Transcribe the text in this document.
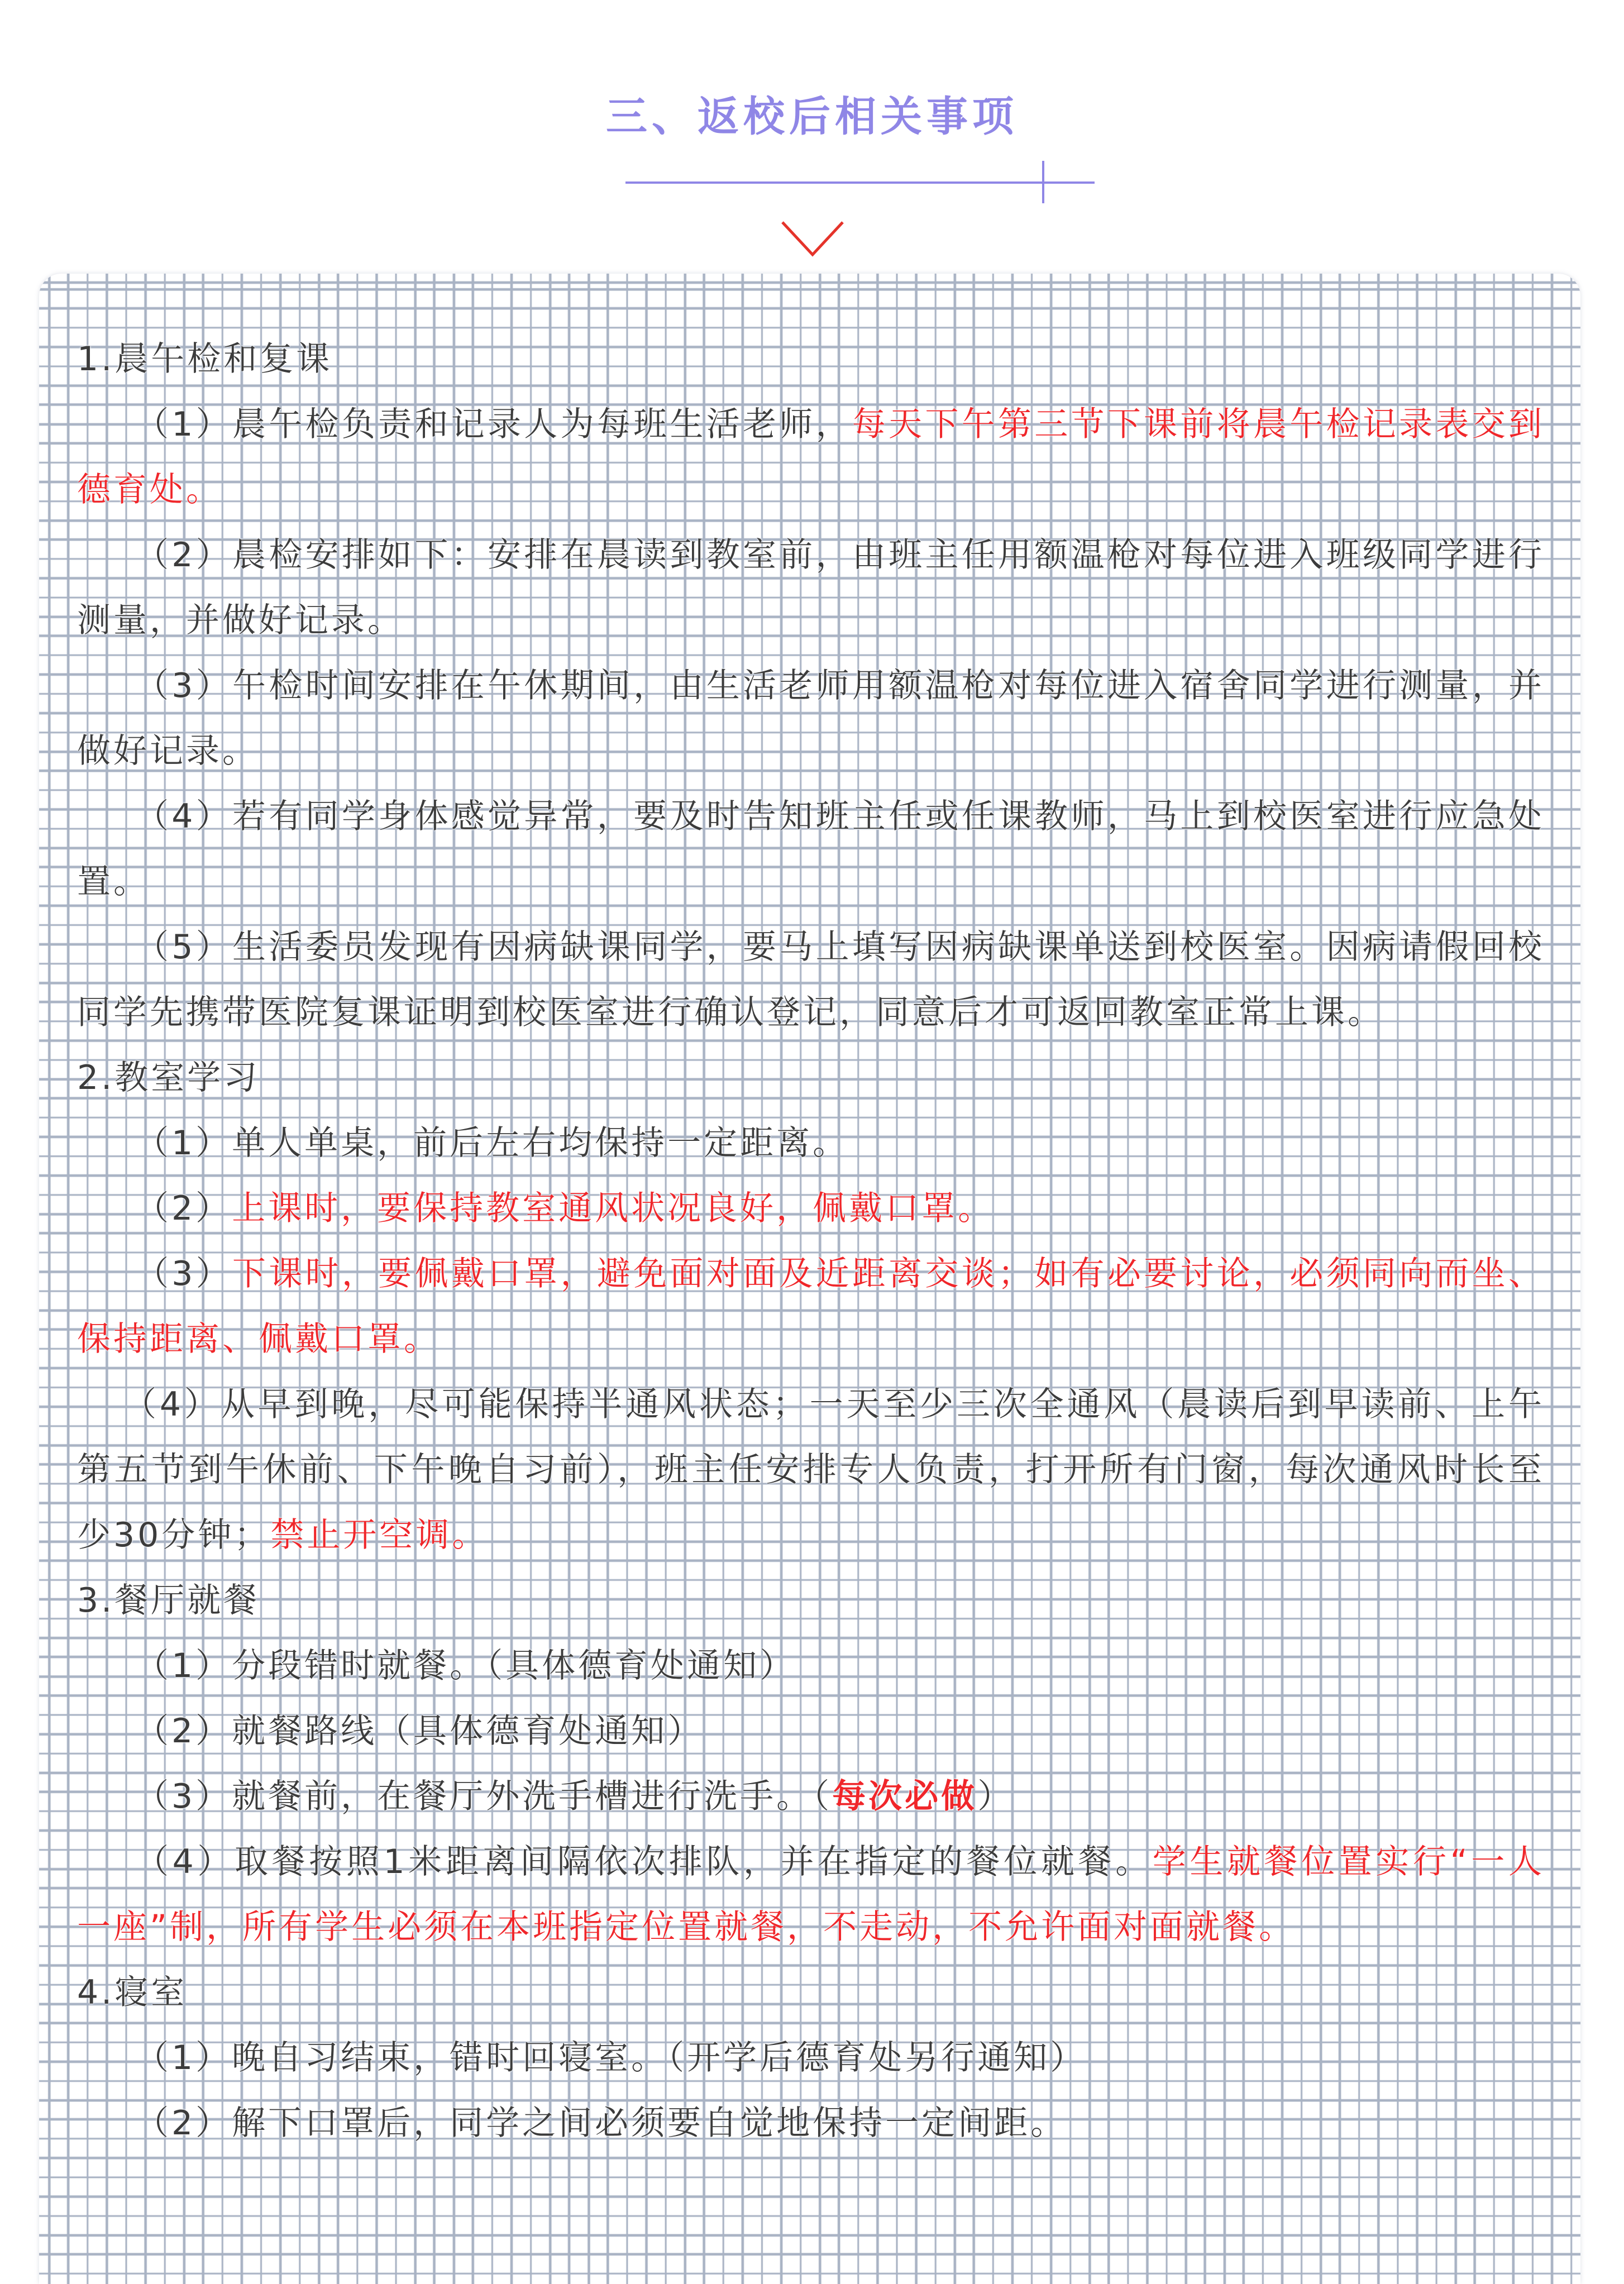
三、返校后相关事项

1.晨午检和复课

（1）晨午检负责和记录人为每班生活老师，每天下午第三节下课前将晨午检记录表交到德育处。

（2）晨检安排如下：安排在晨读到教室前，由班主任用额温枪对每位进入班级同学进行测量，并做好记录。

（3）午检时间安排在午休期间，由生活老师用额温枪对每位进入宿舍同学进行测量，并做好记录。

（4）若有同学身体感觉异常，要及时告知班主任或任课教师，马上到校医室进行应急处置。

（5）生活委员发现有因病缺课同学，要马上填写因病缺课单送到校医室。因病请假回校同学先携带医院复课证明到校医室进行确认登记，同意后才可返回教室正常上课。

2.教室学习

（1）单人单桌，前后左右均保持一定距离。

（2）上课时，要保持教室通风状况良好，佩戴口罩。

（3）下课时，要佩戴口罩，避免面对面及近距离交谈；如有必要讨论，必须同向而坐、保持距离、佩戴口罩。

（4）从早到晚，尽可能保持半通风状态；一天至少三次全通风（晨读后到早读前、上午第五节到午休前、下午晚自习前），班主任安排专人负责，打开所有门窗，每次通风时长至少30分钟；禁止开空调。

3.餐厅就餐

（1）分段错时就餐。（具体德育处通知）

（2）就餐路线（具体德育处通知）

（3）就餐前，在餐厅外洗手槽进行洗手。（每次必做）

（4）取餐按照1米距离间隔依次排队，并在指定的餐位就餐。学生就餐位置实行“一人一座”制，所有学生必须在本班指定位置就餐，不走动，不允许面对面就餐。

4.寝室

（1）晚自习结束，错时回寝室。（开学后德育处另行通知）

（2）解下口罩后，同学之间必须要自觉地保持一定间距。
